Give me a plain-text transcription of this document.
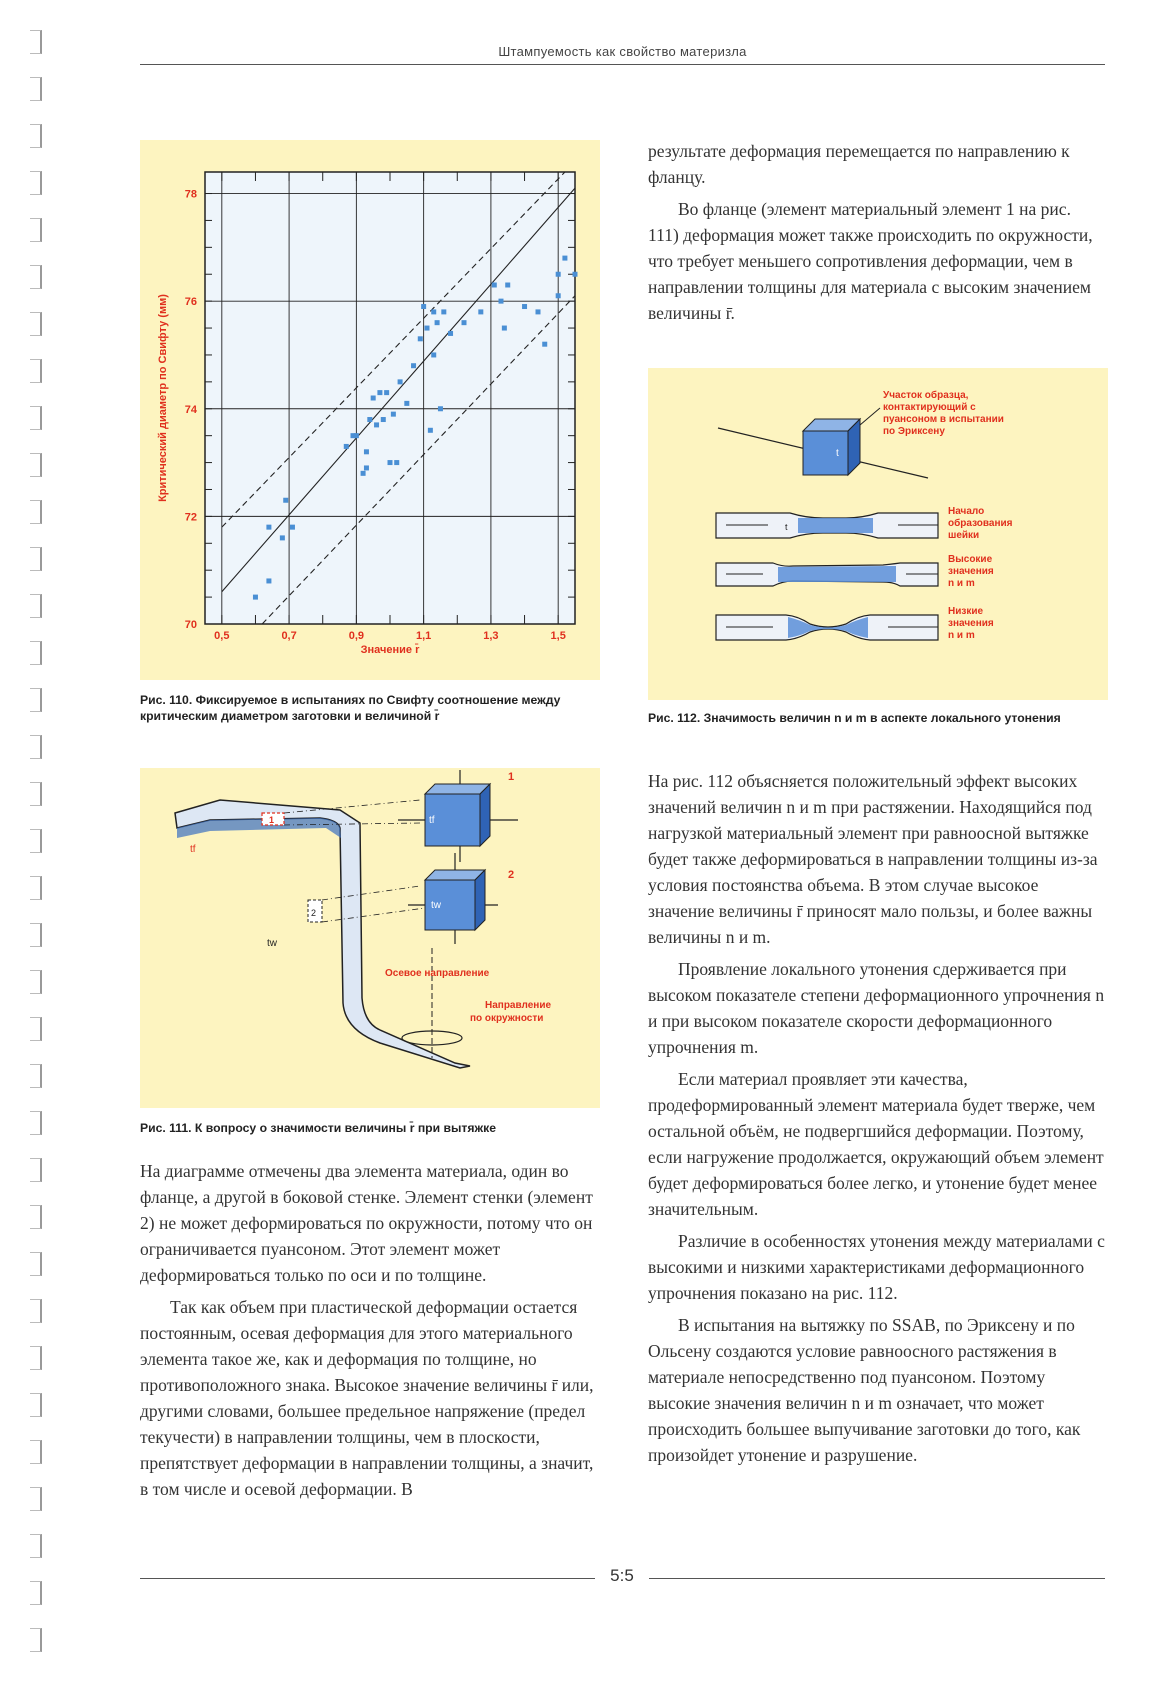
Штампуемость как свойство материзла
0,5	0,7	0,9	1,1	1,3	1,5
70
72
74
76
78
Значение r̄
Критический диаметр по Свифту (мм)
Рис. 110. Фиксируемое в испытаниях по Свифту соотношение между критическим диаметром заготовки и величиной r̄
1
2
tf
1
tw
2
tf
tw
Осевое направление
Направление
по окружности
Рис. 111. К вопросу о значимости величины r̄ при вытяжке

На диаграмме отмечены два элемента материала, один во фланце, а другой в боковой стенке. Элемент стенки (элемент 2) не может деформироваться по окружности, потому что он ограничивается пуансоном. Этот элемент может деформироваться только по оси и по толщине.

Так как объем при пластической деформации остается постоянным, осевая деформация для этого материального элемента такое же, как и деформация по толщине, но противоположного знака. Высокое значение величины r̄ или, другими словами, большее предельное напряжение (предел текучести) в направлении толщины, чем в плоскости, препятствует деформации в направлении толщины, а значит, в том числе и осевой деформации. В

результате деформация перемещается по направлению к фланцу.

Во фланце (элемент материальный элемент 1 на рис. 111) деформация может также происходить по окружности, что требует меньшего сопротивления деформации, чем в направлении толщины для материала с высоким значением величины r̄.

t
Участок образца,
контактирующий с
пуансоном в испытании
по Эриксену
t
Начало
образования
шейки
Высокие
значения
n и m
Низкие
значения
n и m
Рис. 112. Значимость величин n и m в аспекте локального утонения

На рис. 112 объясняется положительный эффект высоких значений величин n и m при растяжении. Находящийся под нагрузкой материальный элемент при равноосной вытяжке будет также деформироваться в направлении толщины из-за условия постоянства объема. В этом случае высокое значение величины r̄ приносят мало пользы, и более важны величины n и m.

Проявление локального утонения сдерживается при высоком показателе степени деформационного упрочнения n и при высоком показателе скорости деформационного упрочнения m.

Если материал проявляет эти качества, продеформированный элемент материала будет тверже, чем остальной объём, не подвергшийся деформации. Поэтому, если нагружение продолжается, окружающий объем элемент будет деформироваться более легко, и утонение будет менее значительным.

Различие в особенностях утонения между материалами с высокими и низкими характеристиками деформационного упрочнения показано на рис. 112.

В испытания на вытяжку по SSAB, по Эриксену и по Ольсену создаются условие равноосного растяжения в материале непосредственно под пуансоном. Поэтому высокие значения величин n и m означает, что может происходить большее выпучивание заготовки до того, как произойдет утонение и разрушение.

5:5
